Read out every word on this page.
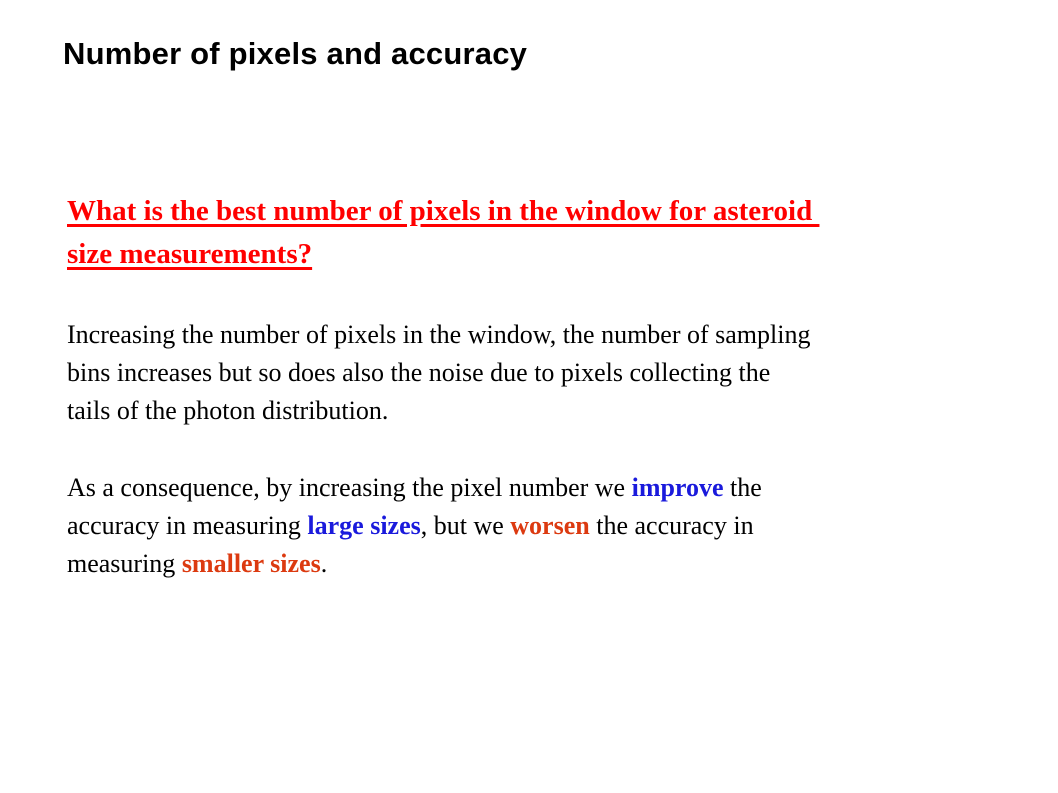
Number of pixels and accuracy
What is the best number of pixels in the window for asteroid
size measurements?

Increasing the number of pixels in the window, the number of sampling
bins increases but so does also the noise due to pixels collecting the
tails of the photon distribution.

As a consequence, by increasing the pixel number we improve the
accuracy in measuring large sizes, but we worsen the accuracy in
measuring smaller sizes.
